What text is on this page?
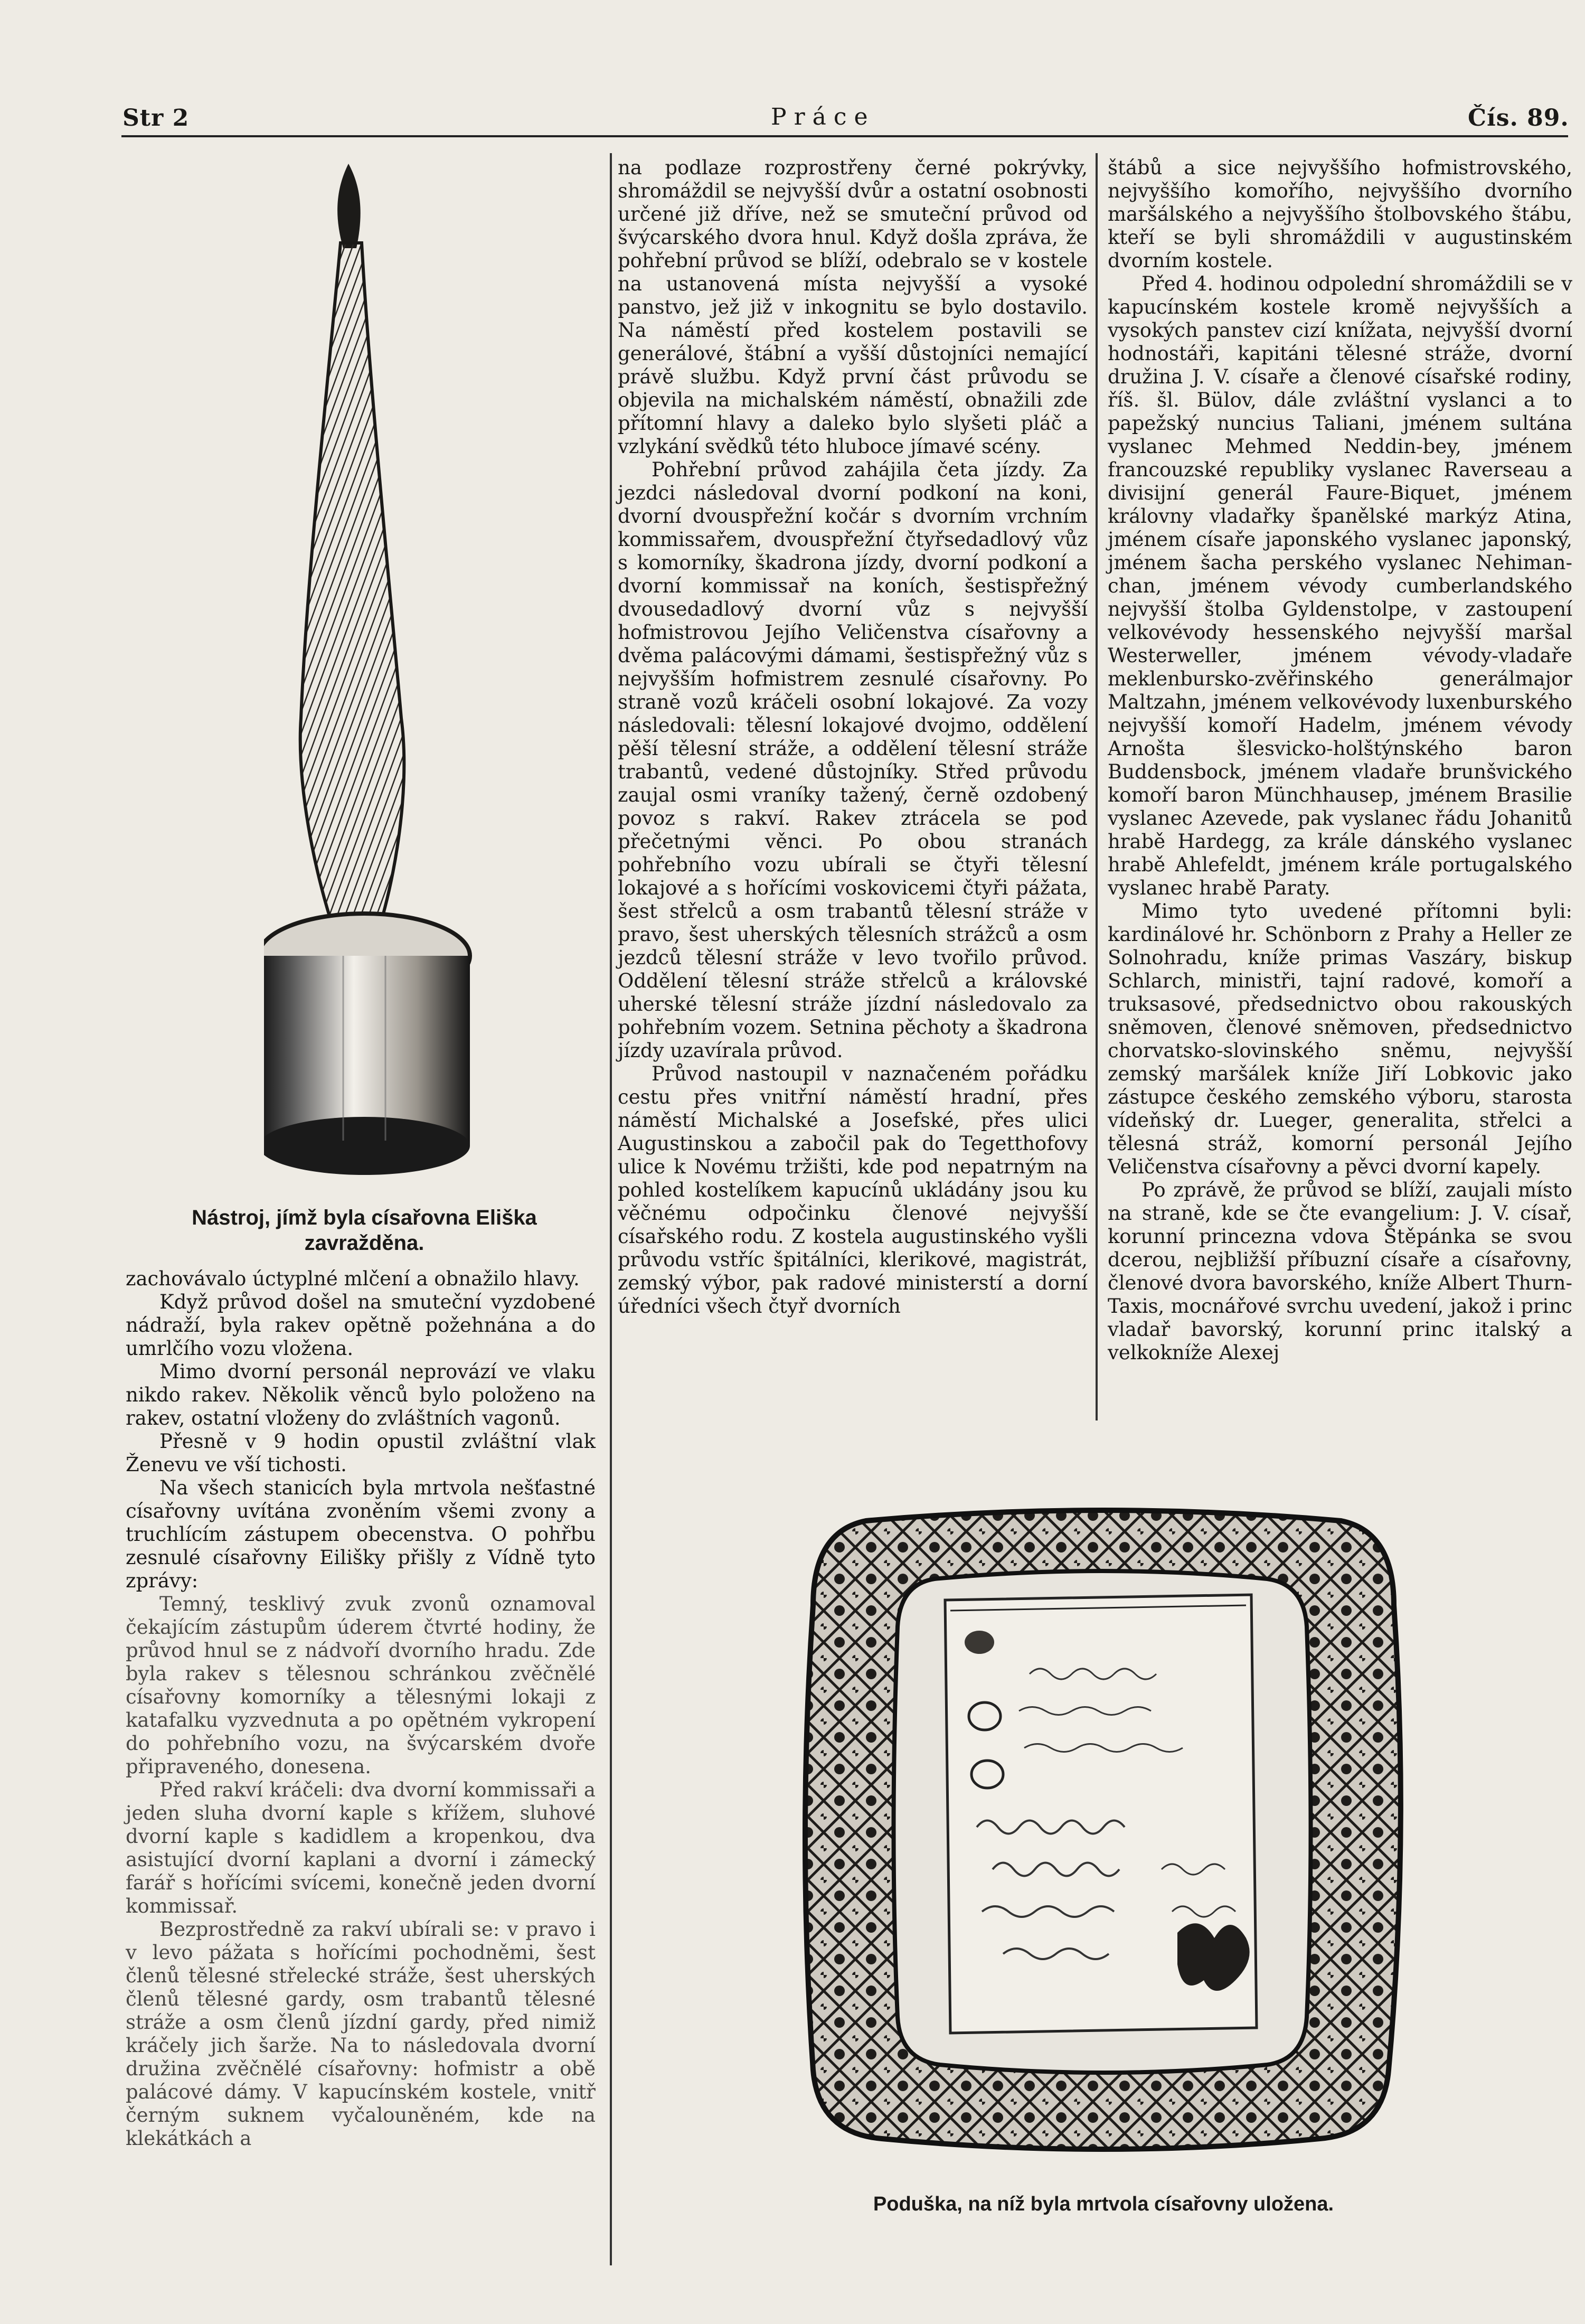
Str 2	Práce	Čís. 89.
Nástroj, jímž byla císařovna Eliška zavražděna.

zachovávalo úctyplné mlčení a obnažilo hlavy.

Když průvod došel na smuteční vyzdobené nádraží, byla rakev opětně požehnána a do umrlčího vozu vložena.

Mimo dvorní personál neprovází ve vlaku nikdo rakev. Několik věnců bylo položeno na rakev, ostatní vloženy do zvláštních vagonů.

Přesně v 9 hodin opustil zvláštní vlak Ženevu ve vší tichosti.

Na všech stanicích byla mrtvola nešťastné císařovny uvítána zvoněním všemi zvony a truchlícím zástupem obecenstva. O pohřbu zesnulé císařovny Eilišky přišly z Vídně tyto zprávy:

Temný, tesklivý zvuk zvonů oznamoval čekajícím zástupům úderem čtvrté hodiny, že průvod hnul se z nádvoří dvorního hradu. Zde byla rakev s tělesnou schránkou zvěčnělé císařovny komorníky a tělesnými lokaji z katafalku vyzvednuta a po opětném vykropení do pohřebního vozu, na švýcarském dvoře připraveného, donesena.

Před rakví kráčeli: dva dvorní kommissaři a jeden sluha dvorní kaple s křížem, sluhové dvorní kaple s kadidlem a kropenkou, dva asistující dvorní kaplani a dvorní i zámecký farář s hořícími svícemi, konečně jeden dvorní kommissař.

Bezprostředně za rakví ubírali se: v pravo i v levo pážata s hořícími pochodněmi, šest členů tělesné střelecké stráže, šest uherských členů tělesné gardy, osm trabantů tělesné stráže a osm členů jízdní gardy, před nimiž kráčely jich šarže. Na to následovala dvorní družina zvěčnělé císařovny: hofmistr a obě palácové dámy. V kapucínském kostele, vnitř černým suknem vyčalouněném, kde na klekátkách a

na podlaze rozprostřeny černé pokrývky, shromáždil se nejvyšší dvůr a ostatní osobnosti určené již dříve, než se smuteční průvod od švýcarského dvora hnul. Když došla zpráva, že pohřební průvod se blíží, odebralo se v kostele na ustanovená místa nejvyšší a vysoké panstvo, jež již v inkognitu se bylo dostavilo. Na náměstí před kostelem postavili se generálové, štábní a vyšší důstojníci nemající právě službu. Když první část průvodu se objevila na michalském náměstí, obnažili zde přítomní hlavy a daleko bylo slyšeti pláč a vzlykání svědků této hluboce jímavé scény.

Pohřební průvod zahájila četa jízdy. Za jezdci následoval dvorní podkoní na koni, dvorní dvouspřežní kočár s dvorním vrchním kommissařem, dvouspřežní čtyřsedadlový vůz s komorníky, škadrona jízdy, dvorní podkoní a dvorní kommissař na koních, šestispřežný dvousedadlový dvorní vůz s nejvyšší hofmistrovou Jejího Veličenstva císařovny a dvěma palácovými dámami, šestispřežný vůz s nejvyšším hofmistrem zesnulé císařovny. Po straně vozů kráčeli osobní lokajové. Za vozy následovali: tělesní lokajové dvojmo, oddělení pěší tělesní stráže, a oddělení tělesní stráže trabantů, vedené důstojníky. Střed průvodu zaujal osmi vraníky tažený, černě ozdobený povoz s rakví. Rakev ztrácela se pod přečetnými věnci. Po obou stranách pohřebního vozu ubírali se čtyři tělesní lokajové a s hořícími voskovicemi čtyři pážata, šest střelců a osm trabantů tělesní stráže v pravo, šest uherských tělesních strážců a osm jezdců tělesní stráže v levo tvořilo průvod. Oddělení tělesní stráže střelců a královské uherské tělesní stráže jízdní následovalo za pohřebním vozem. Setnina pěchoty a škadrona jízdy uzavírala průvod.

Průvod nastoupil v naznačeném pořádku cestu přes vnitřní náměstí hradní, přes náměstí Michalské a Josefské, přes ulici Augustinskou a zabočil pak do Tegetthofovy ulice k Novému tržišti, kde pod nepatrným na pohled kostelíkem kapucínů ukládány jsou ku věčnému odpočinku členové nejvyšší císařského rodu. Z kostela augustinského vyšli průvodu vstříc špitálníci, klerikové, magistrát, zemský výbor, pak radové ministerstí a dorní úředníci všech čtyř dvorních

štábů a sice nejvyššího hofmistrovského, nejvyššího komořího, nejvyššího dvorního maršálského a nejvyššího štolbovského štábu, kteří se byli shromáždili v augustinském dvorním kostele.

Před 4. hodinou odpolední shromáždili se v kapucínském kostele kromě nejvyšších a vysokých panstev cizí knížata, nejvyšší dvorní hodnostáři, kapitáni tělesné stráže, dvorní družina J. V. císaře a členové císařské rodiny, říš. šl. Bülov, dále zvláštní vyslanci a to papežský nuncius Taliani, jménem sultána vyslanec Mehmed Neddin-bey, jménem francouzské republiky vyslanec Raverseau a divisijní generál Faure-Biquet, jménem královny vladařky španělské markýz Atina, jménem císaře japonského vyslanec japonský, jménem šacha perského vyslanec Nehiman-chan, jménem vévody cumberlandského nejvyšší štolba Gyldenstolpe, v zastoupení velkovévody hessenského nejvyšší maršal Westerweller, jménem vévody-vladaře meklenbursko-zvěřinského generálmajor Maltzahn, jménem velkovévody luxenburského nejvyšší komoří Hadelm, jménem vévody Arnošta šlesvicko-holštýnského baron Buddensbock, jménem vladaře brunšvického komoří baron Münchhausep, jménem Brasilie vyslanec Azevede, pak vyslanec řádu Johanitů hrabě Hardegg, za krále dánského vyslanec hrabě Ahlefeldt, jménem krále portugalského vyslanec hrabě Paraty.

Mimo tyto uvedené přítomni byli: kardinálové hr. Schönborn z Prahy a Heller ze Solnohradu, kníže primas Vaszáry, biskup Schlarch, ministři, tajní radové, komoří a truksasové, předsednictvo obou rakouských sněmoven, členové sněmoven, předsednictvo chorvatsko-slovinského sněmu, nejvyšší zemský maršálek kníže Jiří Lobkovic jako zástupce českého zemského výboru, starosta vídeňský dr. Lueger, generalita, střelci a tělesná stráž, komorní personál Jejího Veličenstva císařovny a pěvci dvorní kapely.

Po zprávě, že průvod se blíží, zaujali místo na straně, kde se čte evangelium: J. V. císař, korunní princezna vdova Štěpánka se svou dcerou, nejbližší příbuzní císaře a císařovny, členové dvora bavorského, kníže Albert Thurn-Taxis, mocnářové svrchu uvedení, jakož i princ vladař bavorský, korunní princ italský a velkokníže Alexej

Poduška, na níž byla mrtvola císařovny uložena.
